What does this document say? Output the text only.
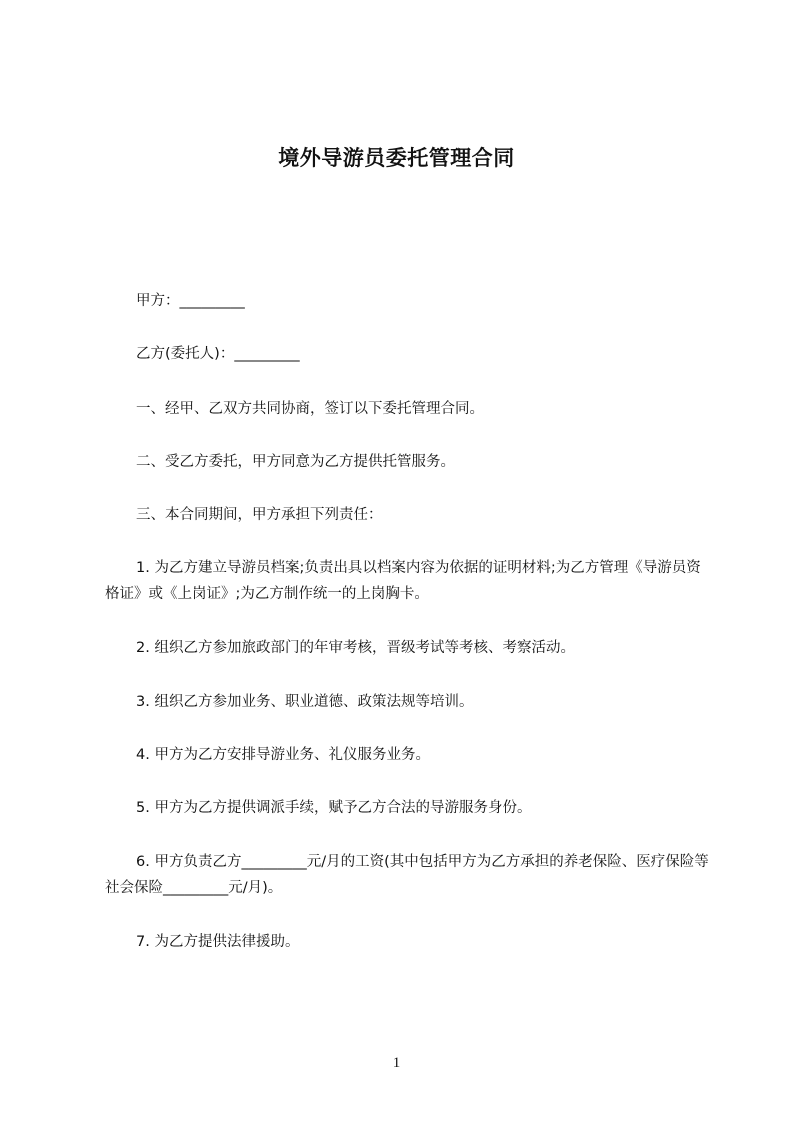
境外导游员委托管理合同
甲方：_________
乙方(委托人)：_________
一、经甲、乙双方共同协商，签订以下委托管理合同。
二、受乙方委托，甲方同意为乙方提供托管服务。
三、本合同期间，甲方承担下列责任：
1. 为乙方建立导游员档案;负责出具以档案内容为依据的证明材料;为乙方管理《导游员资格证》或《上岗证》;为乙方制作统一的上岗胸卡。
2. 组织乙方参加旅政部门的年审考核，晋级考试等考核、考察活动。
3. 组织乙方参加业务、职业道德、政策法规等培训。
4. 甲方为乙方安排导游业务、礼仪服务业务。
5. 甲方为乙方提供调派手续，赋予乙方合法的导游服务身份。
6. 甲方负责乙方_________元/月的工资(其中包括甲方为乙方承担的养老保险、医疗保险等社会保险_________元/月)。
7. 为乙方提供法律援助。
1
